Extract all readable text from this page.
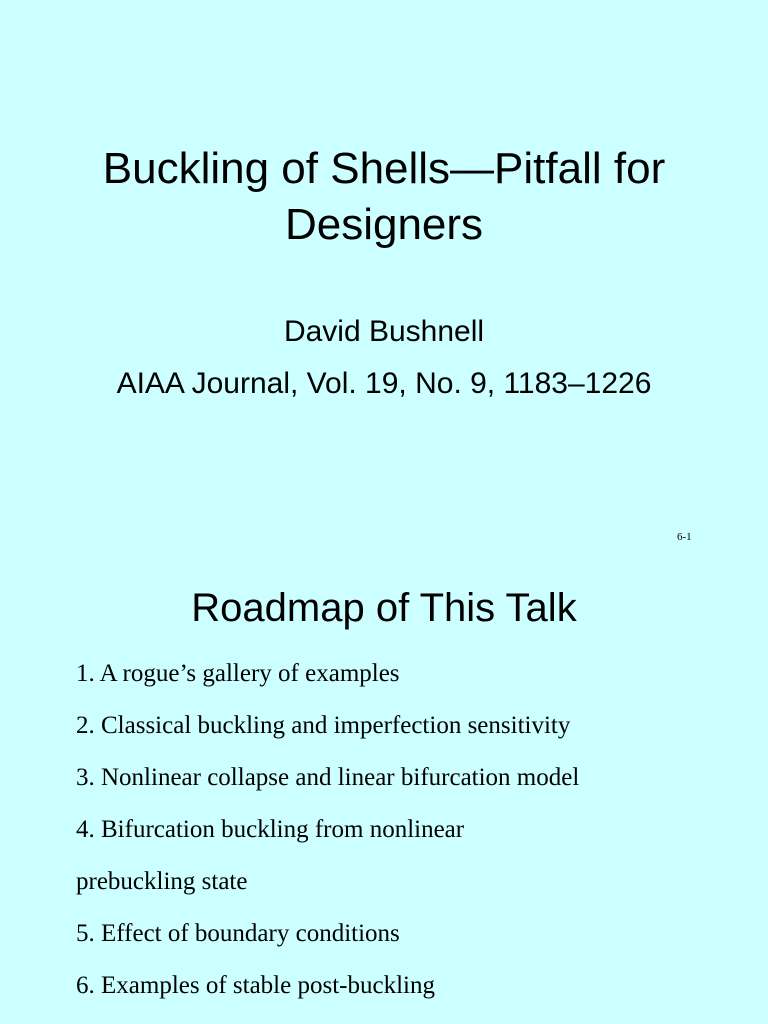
Buckling of Shells—Pitfall for
Designers
David Bushnell
AIAA Journal, Vol. 19, No. 9, 1183–1226
6-1
Roadmap of This Talk
1. A rogue’s gallery of examples
2. Classical buckling and imperfection sensitivity
3. Nonlinear collapse and linear bifurcation model
4. Bifurcation buckling from nonlinear
prebuckling state
5. Effect of boundary conditions
6. Examples of stable post-buckling
